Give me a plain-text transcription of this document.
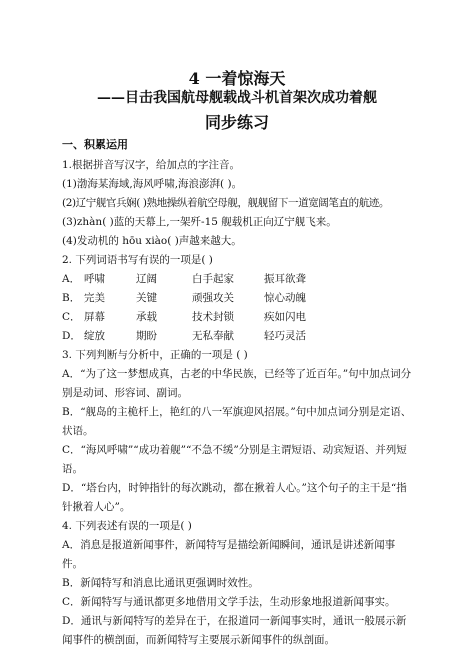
4 一着惊海天
——目击我国航母舰载战斗机首架次成功着舰
同步练习
一、积累运用
1.根据拼音写汉字，给加点的字注音。
(1)渤海某海域,海风呼啸,海浪澎湃( )。
(2)辽宁舰官兵娴( )熟地操纵着航空母舰，舰舰留下一道宽阔笔直的航迹。
(3)zhàn( )蓝的天幕上,一架歼-15 舰载机正向辽宁舰飞来。
(4)发动机的 hōu xiào( )声越来越大。
2. 下列词语书写有误的一项是( )
A． 呼啸	辽阔	白手起家	振耳欲聋
B． 完美	关键	顽强攻关	惊心动魄
C． 屏幕	承载	技术封锁	疾如闪电
D． 绽放	期盼	无私奉献	轻巧灵活
3. 下列判断与分析中，正确的一项是 ( )
A．“为了这一梦想成真，古老的中华民族，已经等了近百年。”句中加点词分别是动词、形容词、副词。
B．“舰岛的主桅杆上，艳红的八一军旗迎风招展。”句中加点词分别是定语、状语。
C．“海风呼啸”“成功着舰”“不急不缓”分别是主谓短语、动宾短语、并列短语。
D．“塔台内，时钟指针的每次跳动，都在揪着人心。”这个句子的主干是“指针揪着人心”。
4. 下列表述有误的一项是( )
A．消息是报道新闻事件，新闻特写是描绘新闻瞬间，通讯是讲述新闻事件。
B．新闻特写和消息比通讯更强调时效性。
C．新闻特写与通讯都更多地借用文学手法，生动形象地报道新闻事实。
D．通讯与新闻特写的差异在于，在报道同一新闻事实时，通讯一般展示新闻事件的横剖面，而新闻特写主要展示新闻事件的纵剖面。
